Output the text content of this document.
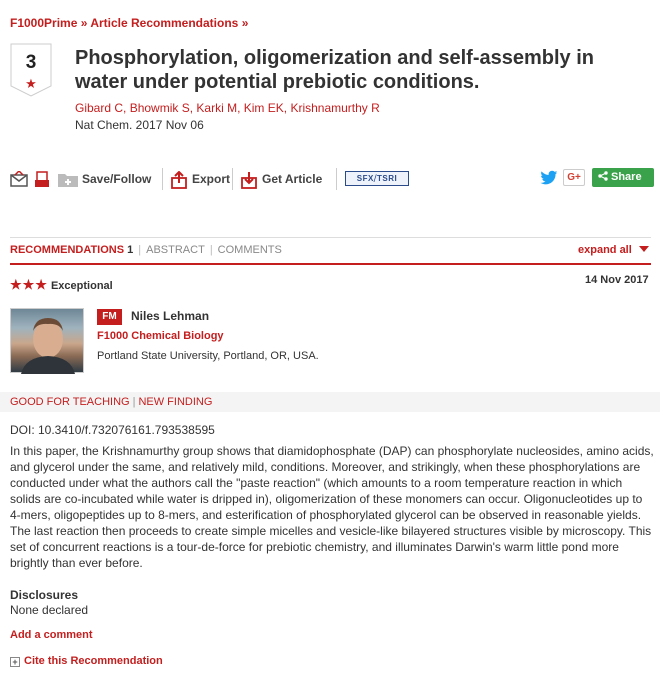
F1000Prime » Article Recommendations »
3
★
Phosphorylation, oligomerization and self-assembly in water under potential prebiotic conditions.
Gibard C, Bhowmik S, Karki M, Kim EK, Krishnamurthy R
Nat Chem. 2017 Nov 06
Save/Follow	Export	Get Article	SFX⧸TSRI	G+	Share
RECOMMENDATIONS 1 | ABSTRACT | COMMENTS	expand all
★★★ Exceptional	14 Nov 2017
FM	Niles Lehman
F1000 Chemical Biology
Portland State University, Portland, OR, USA.
GOOD FOR TEACHING | NEW FINDING
DOI: 10.3410/f.732076161.793538595
In this paper, the Krishnamurthy group shows that diamidophosphate (DAP) can phosphorylate nucleosides, amino acids, and glycerol under the same, and relatively mild, conditions. Moreover, and strikingly, when these phosphorylations are conducted under what the authors call the "paste reaction" (which amounts to a room temperature reaction in which solids are co-incubated while water is dripped in), oligomerization of these monomers can occur. Oligonucleotides up to 4-mers, oligopeptides up to 8-mers, and esterification of phosphorylated glycerol can be observed in reasonable yields. The last reaction then proceeds to create simple micelles and vesicle-like bilayered structures visible by microscopy. This set of concurrent reactions is a tour-de-force for prebiotic chemistry, and illuminates Darwin's warm little pond more brightly than ever before.
Disclosures
None declared
Add a comment
+ Cite this Recommendation
